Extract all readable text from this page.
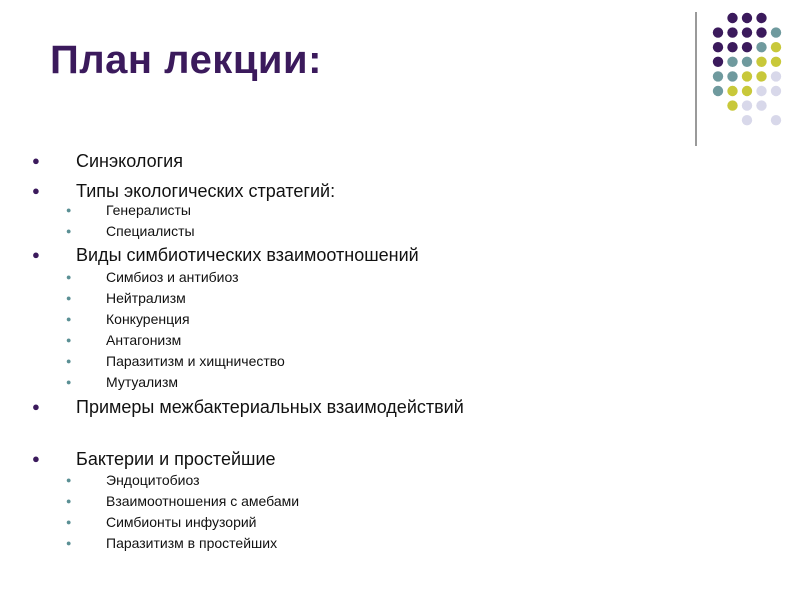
План лекции:
● Синэкология
● Типы экологических стратегий:
● Генералисты
● Специалисты
● Виды симбиотических взаимоотношений
● Симбиоз и антибиоз
● Нейтрализм
● Конкуренция
● Антагонизм
● Паразитизм и хищничество
● Мутуализм
● Примеры межбактериальных взаимодействий
● Бактерии и простейшие
● Эндоцитобиоз
● Взаимоотношения с амебами
● Симбионты инфузорий
● Паразитизм в простейших
